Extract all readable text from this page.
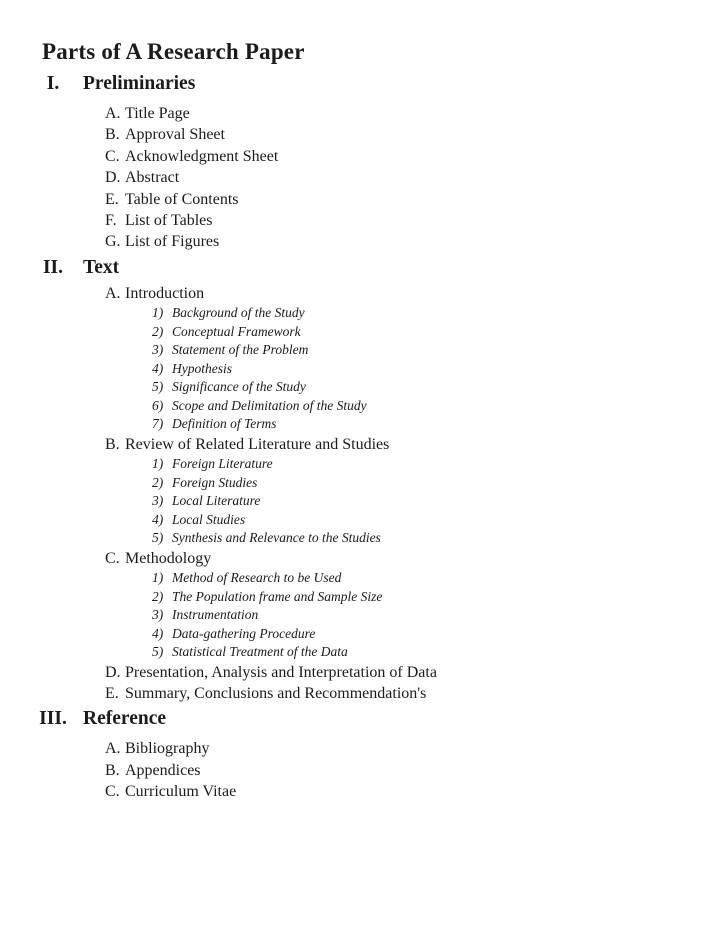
Parts of A Research Paper
I.	Preliminaries
A. Title Page
B. Approval Sheet
C. Acknowledgment Sheet
D. Abstract
E. Table of Contents
F. List of Tables
G. List of Figures
II.	Text
A. Introduction
1) Background of the Study
2) Conceptual Framework
3) Statement of the Problem
4) Hypothesis
5) Significance of the Study
6) Scope and Delimitation of the Study
7) Definition of Terms
B. Review of Related Literature and Studies
1) Foreign Literature
2) Foreign Studies
3) Local Literature
4) Local Studies
5) Synthesis and Relevance to the Studies
C. Methodology
1) Method of Research to be Used
2) The Population frame and Sample Size
3) Instrumentation
4) Data-gathering Procedure
5) Statistical Treatment of the Data
D. Presentation, Analysis and Interpretation of Data
E. Summary, Conclusions and Recommendation's
III. Reference
A. Bibliography
B. Appendices
C. Curriculum Vitae
